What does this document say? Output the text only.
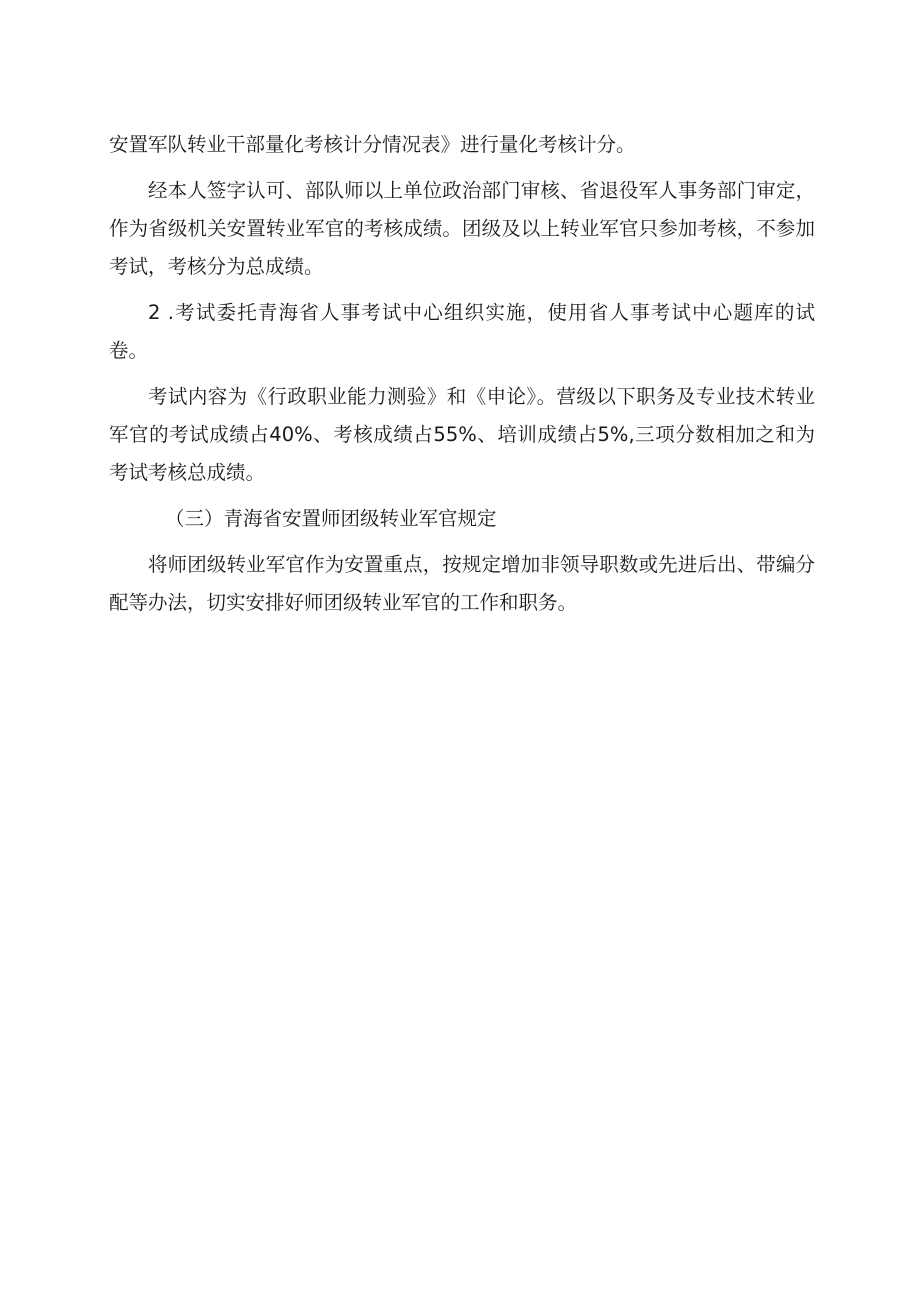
安置军队转业干部量化考核计分情况表》进行量化考核计分。

经本人签字认可、部队师以上单位政治部门审核、省退役军人事务部门审定，作为省级机关安置转业军官的考核成绩。团级及以上转业军官只参加考核，不参加考试，考核分为总成绩。

2 .考试委托青海省人事考试中心组织实施，使用省人事考试中心题库的试卷。

考试内容为《行政职业能力测验》和《申论》。营级以下职务及专业技术转业军官的考试成绩占40%、考核成绩占55%、培训成绩占5%,三项分数相加之和为考试考核总成绩。

（三）青海省安置师团级转业军官规定

将师团级转业军官作为安置重点，按规定增加非领导职数或先进后出、带编分配等办法，切实安排好师团级转业军官的工作和职务。
